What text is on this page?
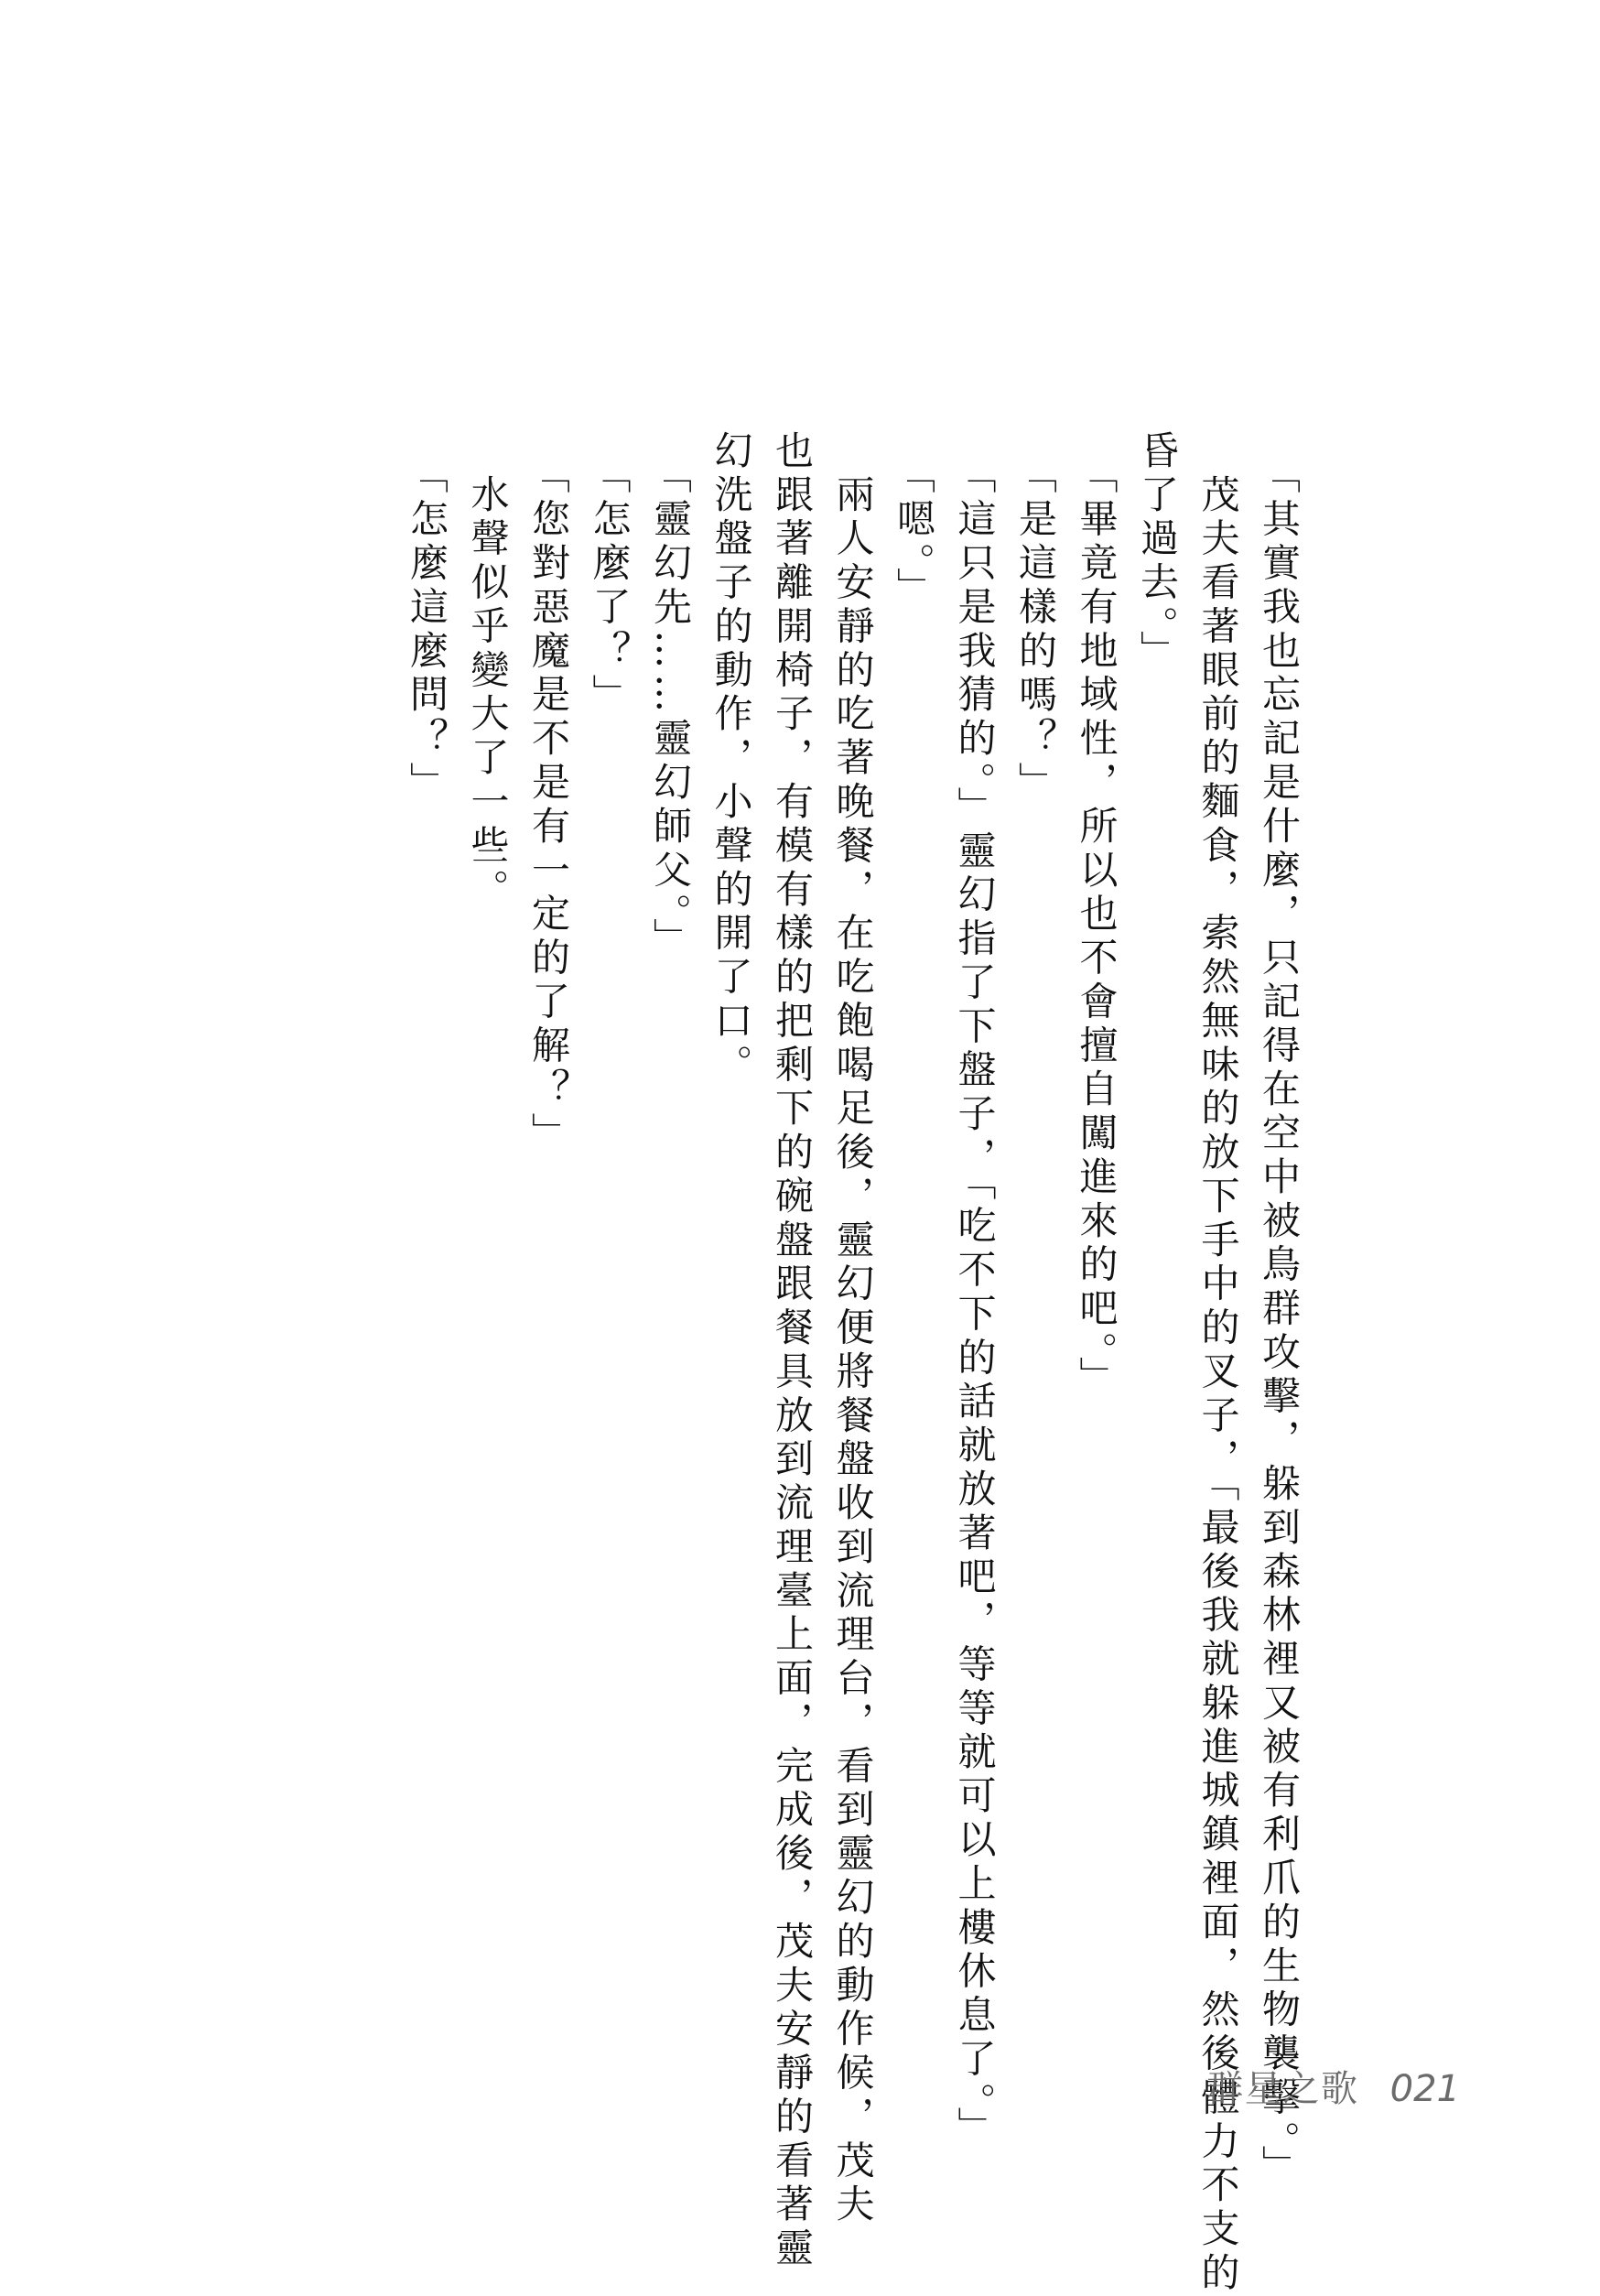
　「其實我也忘記是什麼，只記得在空中被鳥群攻擊，躲到森林裡又被有利爪的生物襲擊。」
　茂夫看著眼前的麵食，索然無味的放下手中的叉子，「最後我就躲進城鎮裡面，然後體力不支的
昏了過去。」
　「畢竟有地域性，所以也不會擅自闖進來的吧。」
　「是這樣的嗎？」
　「這只是我猜的。」靈幻指了下盤子，「吃不下的話就放著吧，等等就可以上樓休息了。」
　「嗯。」
　兩人安靜的吃著晚餐，在吃飽喝足後，靈幻便將餐盤收到流理台，看到靈幻的動作候，茂夫
也跟著離開椅子，有模有樣的把剩下的碗盤跟餐具放到流理臺上面，完成後，茂夫安靜的看著靈
幻洗盤子的動作，小聲的開了口。
　「靈幻先……靈幻師父。」
　「怎麼了？」
　「您對惡魔是不是有一定的了解？」
　水聲似乎變大了一些。
　「怎麼這麼問？」
群星之歌 021
